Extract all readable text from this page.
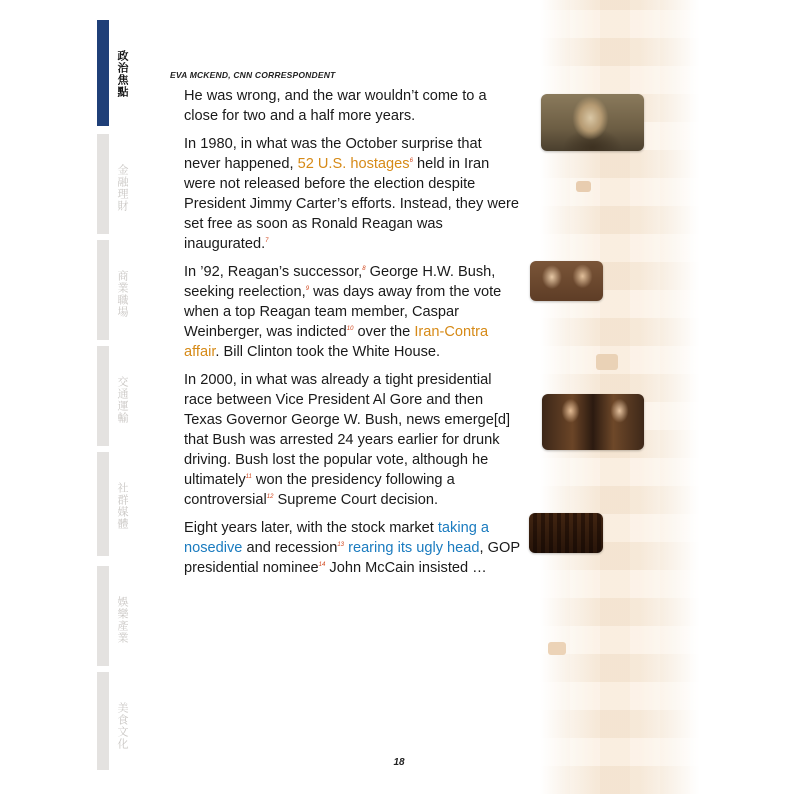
政治焦點
金融理財
商業職場
交通運輸
社群媒體
娛樂產業
美食文化
EVA MCKEND, CNN CORRESPONDENT

He was wrong, and the war wouldn’t come to a close for two and a half more years.

In 1980, in what was the October surprise that never happened, 52 U.S. hostages$^6$ held in Iran were not released before the election despite President Jimmy Carter’s efforts. Instead, they were set free as soon as Ronald Reagan was inaugurated.$^7$

In ’92, Reagan’s successor,$^8$ George H.W. Bush, seeking reelection,$^9$ was days away from the vote when a top Reagan team member, Caspar Weinberger, was indicted$^{10}$ over the Iran-Contra affair. Bill Clinton took the White House.

In 2000, in what was already a tight presidential race between Vice President Al Gore and then Texas Governor George W. Bush, news emerge[d] that Bush was arrested 24 years earlier for drunk driving. Bush lost the popular vote, although he ultimately$^{11}$ won the presidency following a controversial$^{12}$ Supreme Court decision.

Eight years later, with the stock market taking a nosedive and recession$^{13}$ rearing its ugly head, GOP presidential nominee$^{14}$ John McCain insisted …

18
